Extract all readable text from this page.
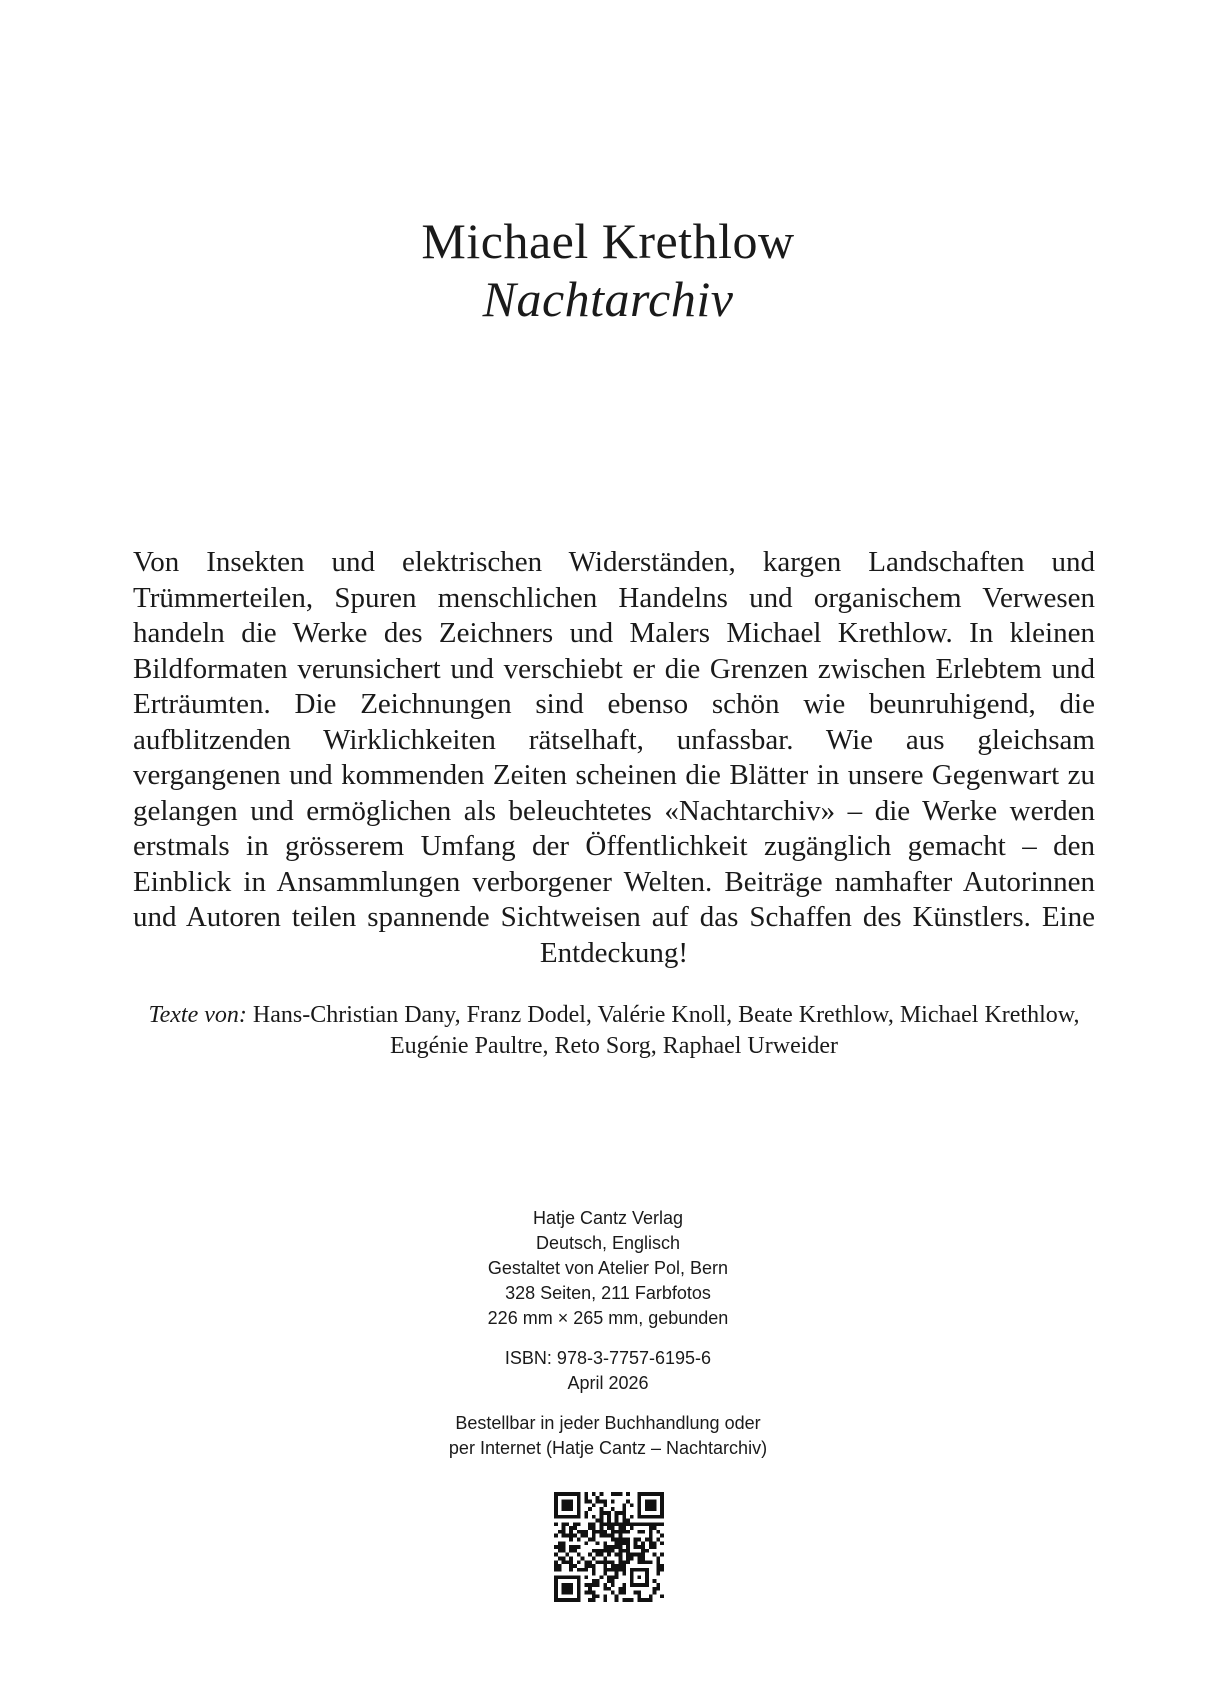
Michael Krethlow
Nachtarchiv
Von Insekten und elektrischen Widerständen, kargen Landschaften und Trümmerteilen, Spuren menschlichen Handelns und organischem Verwesen handeln die Werke des Zeichners und Malers Michael Krethlow. In kleinen Bildformaten verunsichert und verschiebt er die Grenzen zwischen Erlebtem und Erträumten. Die Zeichnungen sind ebenso schön wie beunruhigend, die aufblitzenden Wirklichkeiten rätselhaft, unfassbar. Wie aus gleichsam vergangenen und kommenden Zeiten scheinen die Blätter in unsere Gegenwart zu gelangen und ermöglichen als beleuchtetes «Nachtarchiv» – die Werke werden erstmals in grösserem Umfang der Öffentlichkeit zugänglich gemacht – den Einblick in Ansammlungen verborgener Welten. Beiträge namhafter Autorinnen und Autoren teilen spannende Sichtweisen auf das Schaffen des Künstlers. Eine Entdeckung!
Texte von: Hans-Christian Dany, Franz Dodel, Valérie Knoll, Beate Krethlow, Michael Krethlow, Eugénie Paultre, Reto Sorg, Raphael Urweider
Hatje Cantz Verlag
Deutsch, Englisch
Gestaltet von Atelier Pol, Bern
328 Seiten, 211 Farbfotos
226 mm × 265 mm, gebunden
ISBN: 978-3-7757-6195-6
April 2026
Bestellbar in jeder Buchhandlung oder
per Internet (Hatje Cantz – Nachtarchiv)
